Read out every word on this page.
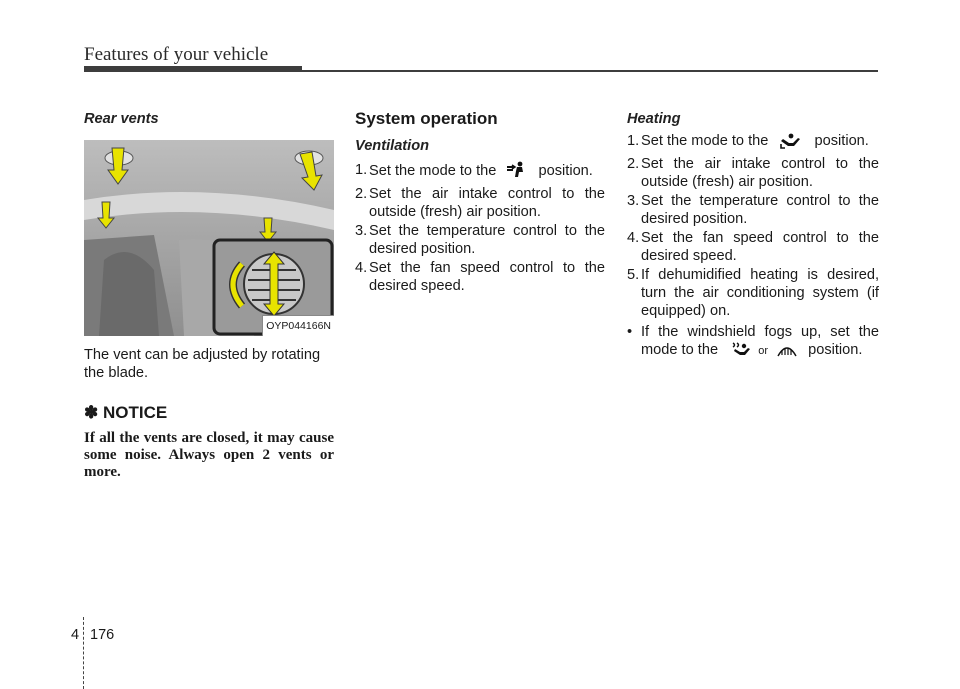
Features of your vehicle

Rear vents

OYP044166N

The vent can be adjusted by rotating the blade.

✽ NOTICE

If all the vents are closed, it may cause some noise. Always open 2 vents or more.

System operation

Ventilation

1. Set the mode to the	position.
2. Set the air intake control to the outside (fresh) air position.
3. Set the temperature control to the desired position.
4. Set the fan speed control to the desired speed.

Heating

1. Set the mode to the	position.
2. Set the air intake control to the outside (fresh) air position.
3. Set the temperature control to the desired position.
4. Set the fan speed control to the desired speed.
5. If dehumidified heating is desired, turn the air conditioning system (if equipped) on.
• If the windshield fogs up, set the mode to the	or	position.
4 176
